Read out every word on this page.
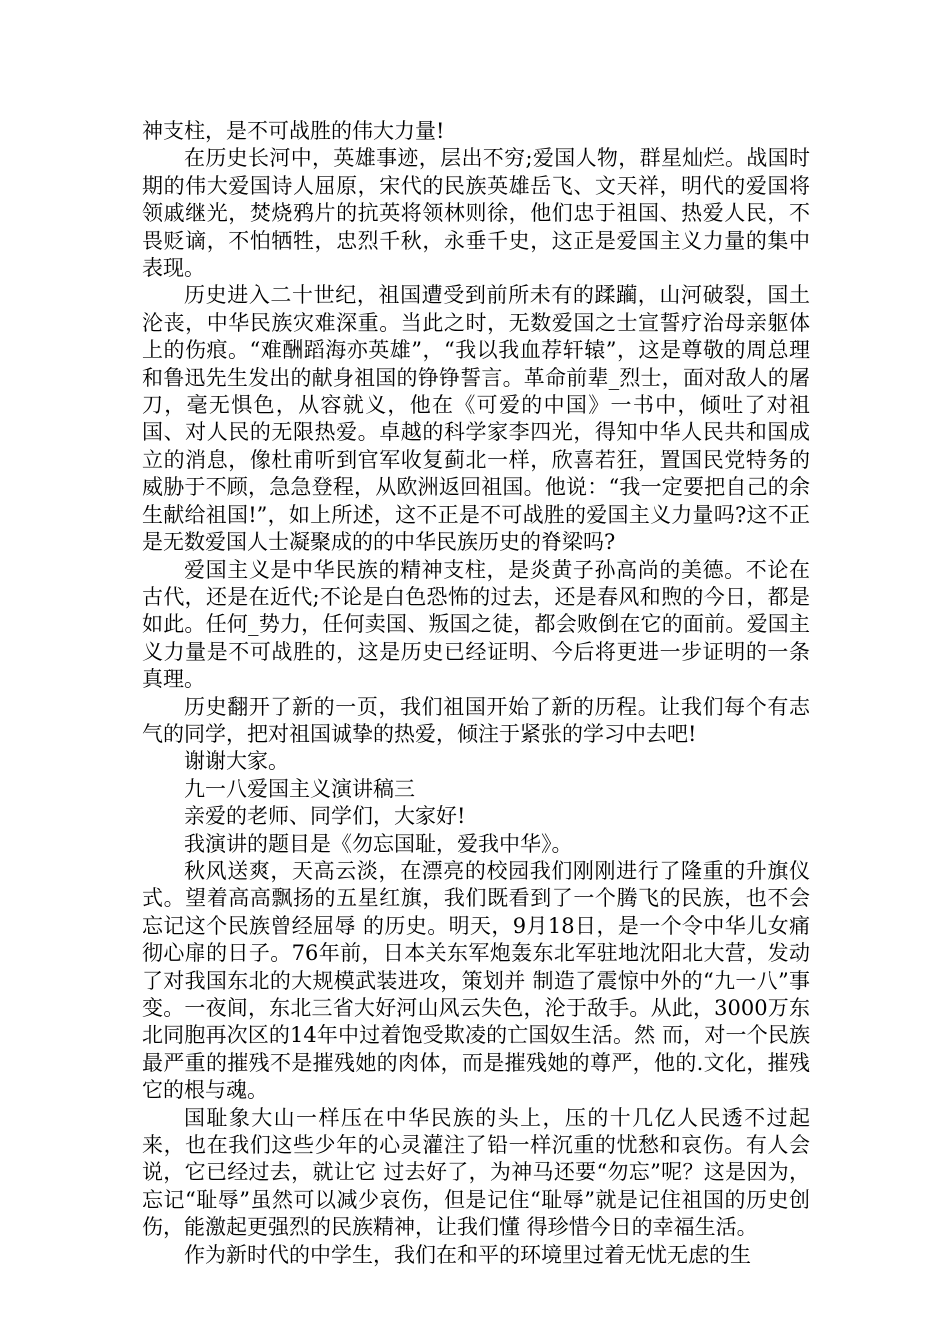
神支柱，是不可战胜的伟大力量!

在历史长河中，英雄事迹，层出不穷;爱国人物，群星灿烂。战国时期的伟大爱国诗人屈原，宋代的民族英雄岳飞、文天祥，明代的爱国将领戚继光，焚烧鸦片的抗英将领林则徐，他们忠于祖国、热爱人民，不畏贬谪，不怕牺牲，忠烈千秋，永垂千史，这正是爱国主义力量的集中表现。

历史进入二十世纪，祖国遭受到前所未有的蹂躏，山河破裂，国土沦丧，中华民族灾难深重。当此之时，无数爱国之士宣誓疗治母亲躯体上的伤痕。“难酬蹈海亦英雄”，“我以我血荐轩辕”，这是尊敬的周总理和鲁迅先生发出的献身祖国的铮铮誓言。革命前辈_烈士，面对敌人的屠刀，毫无惧色，从容就义，他在《可爱的中国》一书中，倾吐了对祖国、对人民的无限热爱。卓越的科学家李四光，得知中华人民共和国成立的消息，像杜甫听到官军收复蓟北一样，欣喜若狂，置国民党特务的威胁于不顾，急急登程，从欧洲返回祖国。他说：“我一定要把自己的余生献给祖国!”，如上所述，这不正是不可战胜的爱国主义力量吗?这不正是无数爱国人士凝聚成的的中华民族历史的脊梁吗?

爱国主义是中华民族的精神支柱，是炎黄子孙高尚的美德。不论在古代，还是在近代;不论是白色恐怖的过去，还是春风和煦的今日，都是如此。任何_势力，任何卖国、叛国之徒，都会败倒在它的面前。爱国主义力量是不可战胜的，这是历史已经证明、今后将更进一步证明的一条真理。

历史翻开了新的一页，我们祖国开始了新的历程。让我们每个有志气的同学，把对祖国诚挚的热爱，倾注于紧张的学习中去吧!

谢谢大家。

九一八爱国主义演讲稿三

亲爱的老师、同学们，大家好!

我演讲的题目是《勿忘国耻，爱我中华》。

秋风送爽，天高云淡，在漂亮的校园我们刚刚进行了隆重的升旗仪式。望着高高飘扬的五星红旗，我们既看到了一个腾飞的民族，也不会忘记这个民族曾经屈辱 的历史。明天，9月18日，是一个令中华儿女痛彻心扉的日子。76年前，日本关东军炮轰东北军驻地沈阳北大营，发动了对我国东北的大规模武装进攻，策划并 制造了震惊中外的“九一八”事变。一夜间，东北三省大好河山风云失色，沦于敌手。从此，3000万东北同胞再次区的14年中过着饱受欺凌的亡国奴生活。然 而，对一个民族最严重的摧残不是摧残她的肉体，而是摧残她的尊严，他的.文化，摧残它的根与魂。

国耻象大山一样压在中华民族的头上，压的十几亿人民透不过起来，也在我们这些少年的心灵灌注了铅一样沉重的忧愁和哀伤。有人会说，它已经过去，就让它 过去好了，为神马还要“勿忘”呢？这是因为，忘记“耻辱”虽然可以减少哀伤，但是记住“耻辱”就是记住祖国的历史创伤，能激起更强烈的民族精神，让我们懂 得珍惜今日的幸福生活。

作为新时代的中学生，我们在和平的环境里过着无忧无虑的生
